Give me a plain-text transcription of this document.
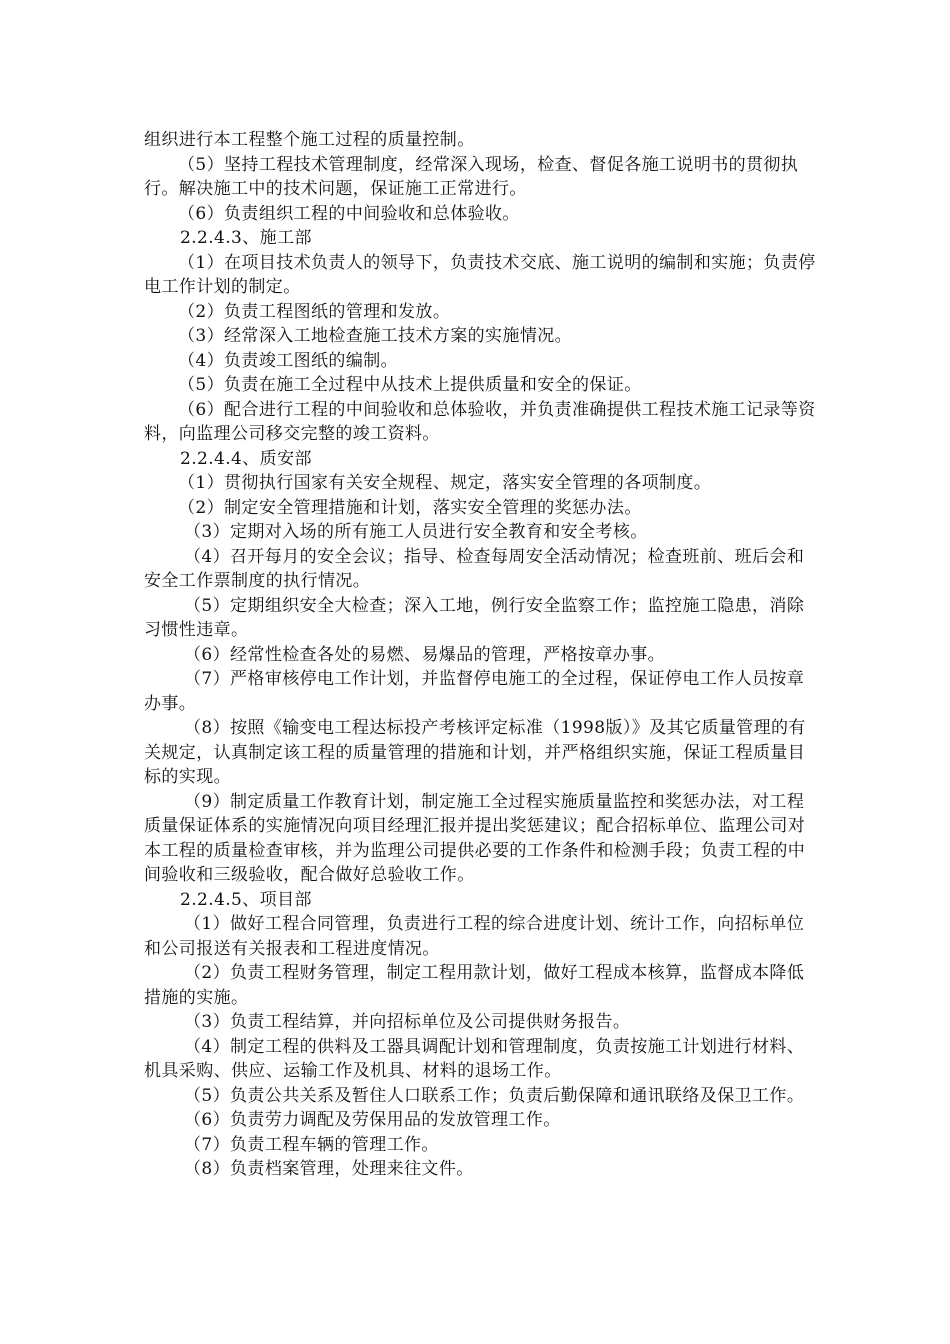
组织进行本工程整个施工过程的质量控制。

（5）坚持工程技术管理制度，经常深入现场，检查、督促各施工说明书的贯彻执行。解决施工中的技术问题，保证施工正常进行。

（6）负责组织工程的中间验收和总体验收。

2.2.4.3、施工部

（1）在项目技术负责人的领导下，负责技术交底、施工说明的编制和实施；负责停电工作计划的制定。

（2）负责工程图纸的管理和发放。

（3）经常深入工地检查施工技术方案的实施情况。

（4）负责竣工图纸的编制。

（5）负责在施工全过程中从技术上提供质量和安全的保证。

（6）配合进行工程的中间验收和总体验收，并负责准确提供工程技术施工记录等资料，向监理公司移交完整的竣工资料。

2.2.4.4、质安部

（1）贯彻执行国家有关安全规程、规定，落实安全管理的各项制度。

（2）制定安全管理措施和计划，落实安全管理的奖惩办法。

（3）定期对入场的所有施工人员进行安全教育和安全考核。

（4）召开每月的安全会议；指导、检查每周安全活动情况；检查班前、班后会和安全工作票制度的执行情况。

（5）定期组织安全大检查；深入工地，例行安全监察工作；监控施工隐患，消除习惯性违章。

（6）经常性检查各处的易燃、易爆品的管理，严格按章办事。

（7）严格审核停电工作计划，并监督停电施工的全过程，保证停电工作人员按章办事。

（8）按照《输变电工程达标投产考核评定标准（1998版）》及其它质量管理的有关规定，认真制定该工程的质量管理的措施和计划，并严格组织实施，保证工程质量目标的实现。

（9）制定质量工作教育计划，制定施工全过程实施质量监控和奖惩办法，对工程质量保证体系的实施情况向项目经理汇报并提出奖惩建议；配合招标单位、监理公司对本工程的质量检查审核，并为监理公司提供必要的工作条件和检测手段；负责工程的中间验收和三级验收，配合做好总验收工作。

2.2.4.5、项目部

（1）做好工程合同管理，负责进行工程的综合进度计划、统计工作，向招标单位和公司报送有关报表和工程进度情况。

（2）负责工程财务管理，制定工程用款计划，做好工程成本核算，监督成本降低措施的实施。

（3）负责工程结算，并向招标单位及公司提供财务报告。

（4）制定工程的供料及工器具调配计划和管理制度，负责按施工计划进行材料、机具采购、供应、运输工作及机具、材料的退场工作。

（5）负责公共关系及暂住人口联系工作；负责后勤保障和通讯联络及保卫工作。

（6）负责劳力调配及劳保用品的发放管理工作。

（7）负责工程车辆的管理工作。

（8）负责档案管理，处理来往文件。
